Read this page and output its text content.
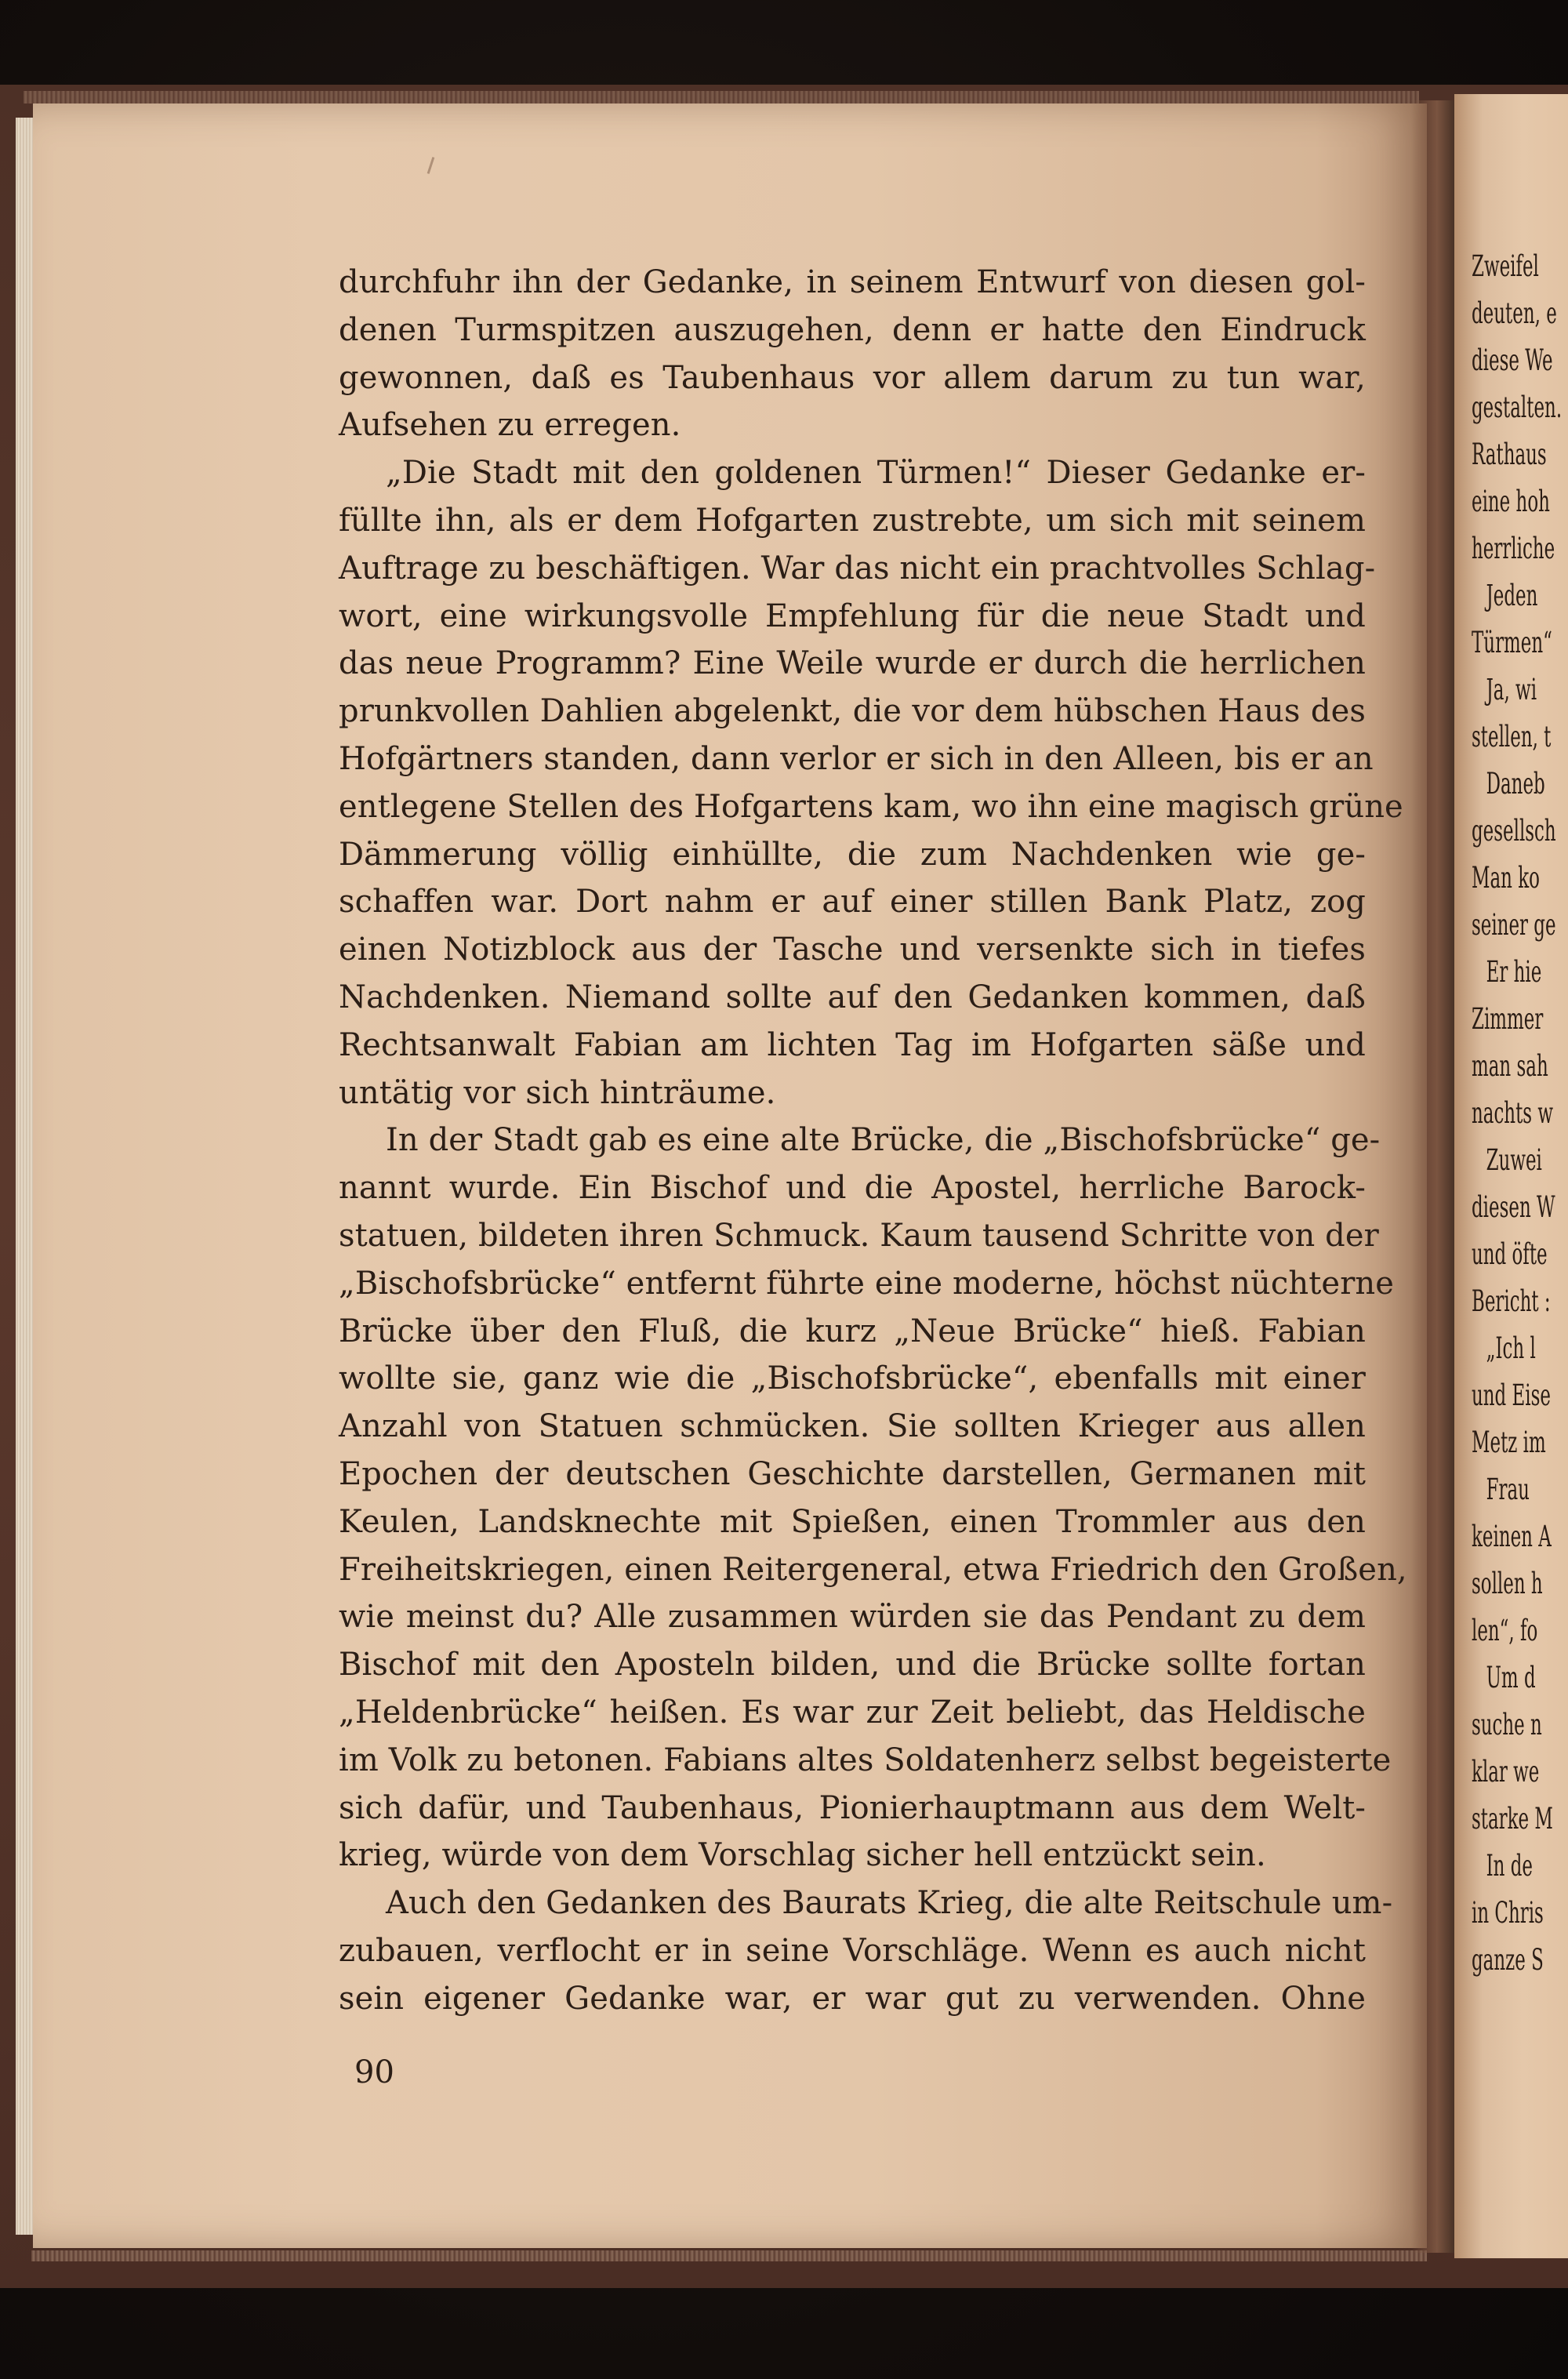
durchfuhr ihn der Gedanke, in seinem Entwurf von diesen gol-
denen Turmspitzen auszugehen, denn er hatte den Eindruck
gewonnen, daß es Taubenhaus vor allem darum zu tun war,
Aufsehen zu erregen.
„Die Stadt mit den goldenen Türmen!“ Dieser Gedanke er-
füllte ihn, als er dem Hofgarten zustrebte, um sich mit seinem
Auftrage zu beschäftigen. War das nicht ein prachtvolles Schlag-
wort, eine wirkungsvolle Empfehlung für die neue Stadt und
das neue Programm? Eine Weile wurde er durch die herrlichen
prunkvollen Dahlien abgelenkt, die vor dem hübschen Haus des
Hofgärtners standen, dann verlor er sich in den Alleen, bis er an
entlegene Stellen des Hofgartens kam, wo ihn eine magisch grüne
Dämmerung völlig einhüllte, die zum Nachdenken wie ge-
schaffen war. Dort nahm er auf einer stillen Bank Platz, zog
einen Notizblock aus der Tasche und versenkte sich in tiefes
Nachdenken. Niemand sollte auf den Gedanken kommen, daß
Rechtsanwalt Fabian am lichten Tag im Hofgarten säße und
untätig vor sich hinträume.
In der Stadt gab es eine alte Brücke, die „Bischofsbrücke“ ge-
nannt wurde. Ein Bischof und die Apostel, herrliche Barock-
statuen, bildeten ihren Schmuck. Kaum tausend Schritte von der
„Bischofsbrücke“ entfernt führte eine moderne, höchst nüchterne
Brücke über den Fluß, die kurz „Neue Brücke“ hieß. Fabian
wollte sie, ganz wie die „Bischofsbrücke“, ebenfalls mit einer
Anzahl von Statuen schmücken. Sie sollten Krieger aus allen
Epochen der deutschen Geschichte darstellen, Germanen mit
Keulen, Landsknechte mit Spießen, einen Trommler aus den
Freiheitskriegen, einen Reitergeneral, etwa Friedrich den Großen,
wie meinst du? Alle zusammen würden sie das Pendant zu dem
Bischof mit den Aposteln bilden, und die Brücke sollte fortan
„Heldenbrücke“ heißen. Es war zur Zeit beliebt, das Heldische
im Volk zu betonen. Fabians altes Soldatenherz selbst begeisterte
sich dafür, und Taubenhaus, Pionierhauptmann aus dem Welt-
krieg, würde von dem Vorschlag sicher hell entzückt sein.
Auch den Gedanken des Baurats Krieg, die alte Reitschule um-
zubauen, verflocht er in seine Vorschläge. Wenn es auch nicht
sein eigener Gedanke war, er war gut zu verwenden. Ohne
90
Zweifel
deuten, e
diese We
gestalten.
Rathaus
eine hoh
herrliche
Jeden
Türmen“
Ja, wi
stellen, t
Daneb
gesellsch
Man ko
seiner ge
Er hie
Zimmer
man sah
nachts w
Zuwei
diesen W
und öfte
Bericht :
„Ich l
und Eise
Metz im
Frau
keinen A
sollen h
len“, fo
Um d
suche n
klar we
starke M
In de
in Chris
ganze S
